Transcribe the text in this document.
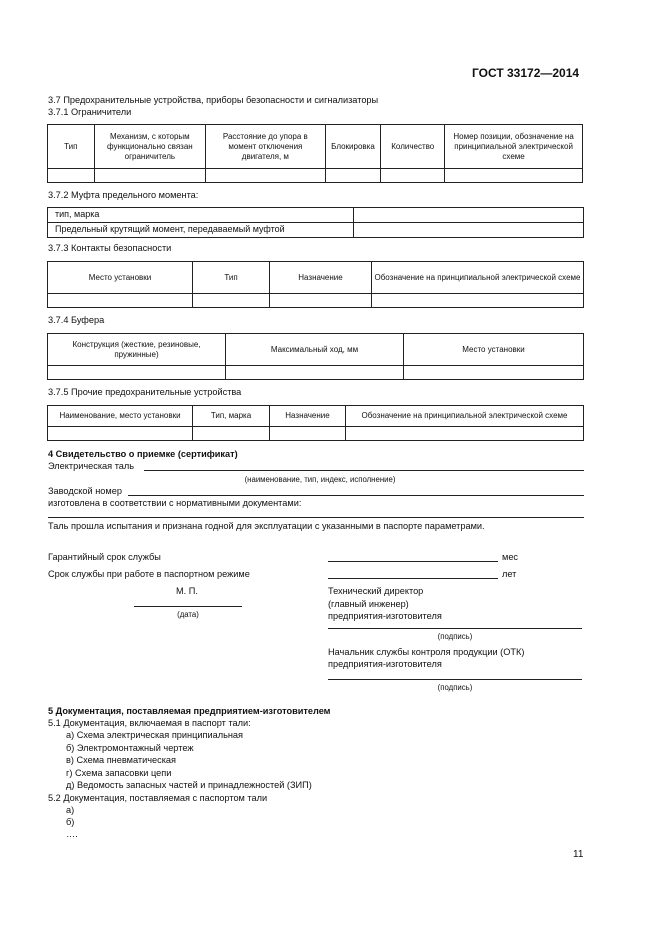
ГОСТ 33172—2014
3.7 Предохранительные устройства, приборы безопасности и сигнализаторы
3.7.1 Ограничители
Тип	Механизм, с которым функционально связан ограничитель	Расстояние до упора в момент отключения двигателя, м	Блокировка	Количество	Номер позиции, обозначение на принципиальной электрической схеме

3.7.2 Муфта предельного момента:
тип, марка	
Предельный крутящий момент, передаваемый муфтой	
3.7.3 Контакты безопасности
Место установки	Тип	Назначение	Обозначение на принципиальной электрической схеме

3.7.4 Буфера
Конструкция (жесткие, резиновые, пружинные)	Максимальный ход, мм	Место установки

3.7.5 Прочие предохранительные устройства
Наименование, место установки	Тип, марка	Назначение	Обозначение на принципиальной электрической схеме

4 Свидетельство о приемке (сертификат)
Электрическая таль
(наименование, тип, индекс, исполнение)
Заводской номер
изготовлена в соответствии с нормативными документами:
Таль прошла испытания и признана годной для эксплуатации с указанными в паспорте параметрами.
Гарантийный срок службы	мес
Срок службы при работе в паспортном режиме	лет
М. П.
(дата)
Технический директор
(главный инженер)
предприятия-изготовителя
(подпись)
Начальник службы контроля продукции (ОТК)
предприятия-изготовителя
(подпись)
5 Документация, поставляемая предприятием-изготовителем
5.1 Документация, включаемая в паспорт тали:
а) Схема электрическая принципиальная
б) Электромонтажный чертеж
в) Схема пневматическая
г) Схема запасовки цепи
д) Ведомость запасных частей и принадлежностей (ЗИП)
5.2 Документация, поставляемая с паспортом тали
а)
б)
….
11
